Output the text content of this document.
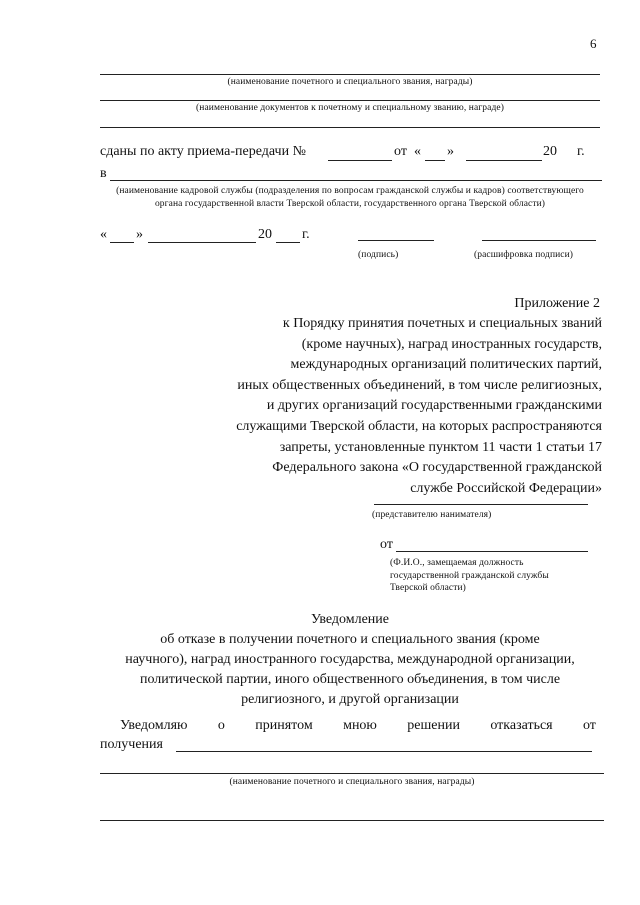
6
(наименование почетного и специального звания, награды)
(наименование документов к почетному и специальному званию, награде)
сданы по акту приема-передачи №	от « »	20 г.
в
(наименование кадровой службы (подразделения по вопросам гражданской службы и кадров) соответствующего органа государственной власти Тверской области, государственного органа Тверской области)
« »	20 г.
(подпись)	(расшифровка подписи)
Приложение 2
к Порядку принятия почетных и специальных званий
(кроме научных), наград иностранных государств,
международных организаций политических партий,
иных общественных объединений, в том числе религиозных,
и других организаций государственными гражданскими
служащими Тверской области, на которых распространяются
запреты, установленные пунктом 11 части 1 статьи 17
Федерального закона «О государственной гражданской
службе Российской Федерации»
(представителю нанимателя)
от
(Ф.И.О., замещаемая должность
государственной гражданской службы
Тверской области)
Уведомление
об отказе в получении почетного и специального звания (кроме
научного), наград иностранного государства, международной организации,
политической партии, иного общественного объединения, в том числе
религиозного, и другой организации
Уведомляю о принятом мною решении отказаться от
получения
(наименование почетного и специального звания, награды)
